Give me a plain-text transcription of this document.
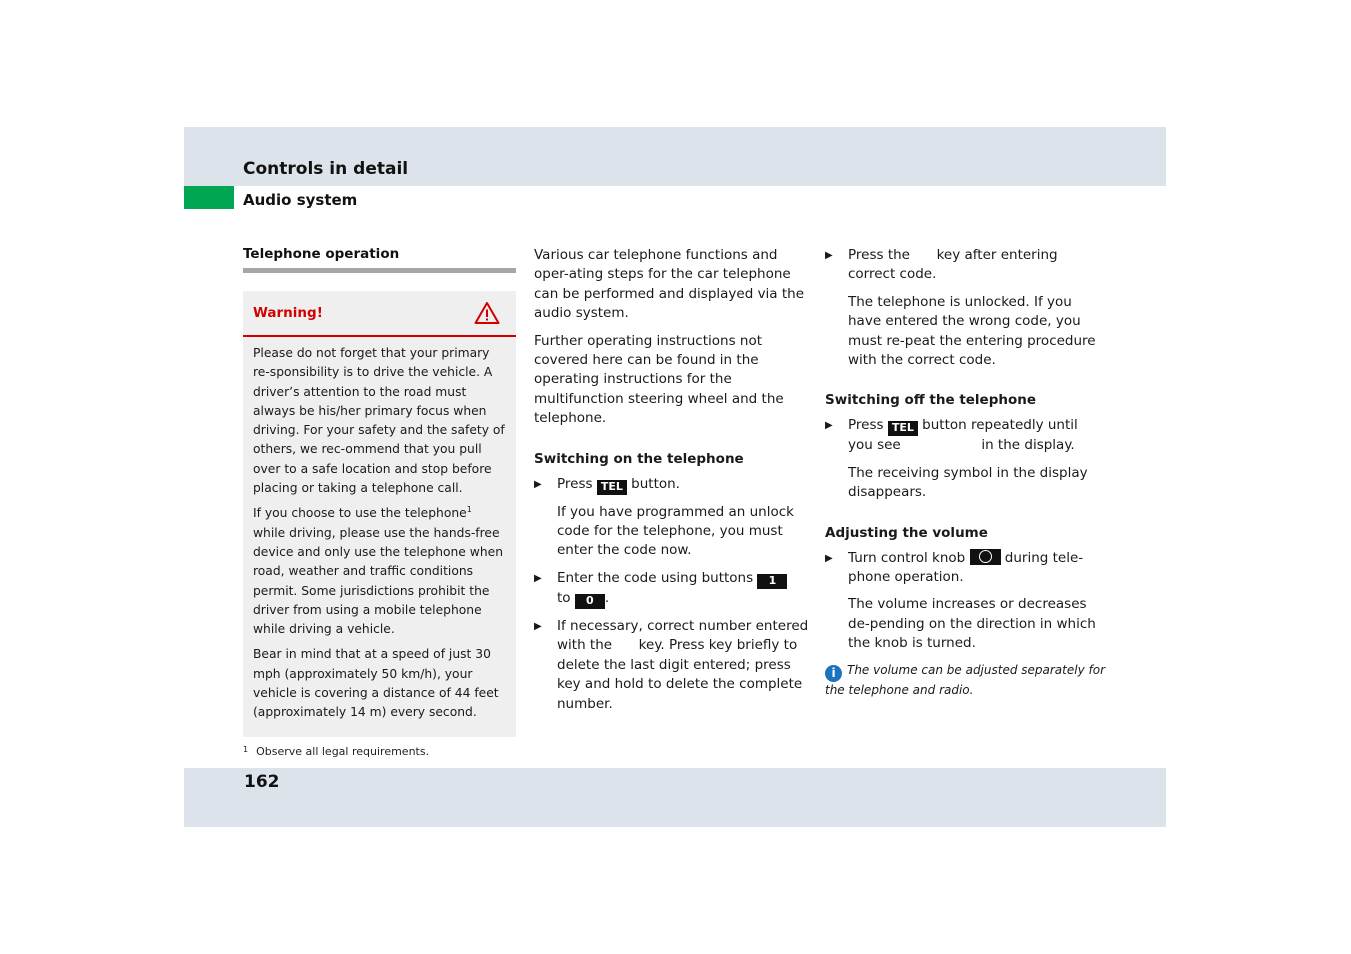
Controls in detail
Audio system
Telephone operation
Warning!

Please do not forget that your primary re-sponsibility is to drive the vehicle. A driver’s attention to the road must always be his/her primary focus when driving. For your safety and the safety of others, we rec-ommend that you pull over to a safe location and stop before placing or taking a telephone call.

If you choose to use the telephone$^1$ while driving, please use the hands-free device and only use the telephone when road, weather and traffic conditions permit. Some jurisdictions prohibit the driver from using a mobile telephone while driving a vehicle.

Bear in mind that at a speed of just 30 mph (approximately 50 km/h), your vehicle is covering a distance of 44 feet (approximately 14 m) every second.

1 Observe all legal requirements.

Various car telephone functions and oper-ating steps for the car telephone can be performed and displayed via the audio system.

Further operating instructions not covered here can be found in the operating instructions for the multifunction steering wheel and the telephone.

Switching on the telephone
▶ Press TEL button.
If you have programmed an unlock code for the telephone, you must enter the code now.
▶ Enter the code using buttons 1
to 0 .
▶ If necessary, correct number entered with the  key. Press key briefly to delete the last digit entered; press key and hold to delete the complete number.
▶ Press the  key after entering correct code.
The telephone is unlocked. If you have entered the wrong code, you must re-peat the entering procedure with the correct code.
Switching off the telephone
▶ Press TEL button repeatedly until you see	in the display.
The receiving symbol in the display disappears.
Adjusting the volume
▶ Turn control knob  during tele-phone operation.
The volume increases or decreases de-pending on the direction in which the knob is turned.
i The volume can be adjusted separately for the telephone and radio.
162
